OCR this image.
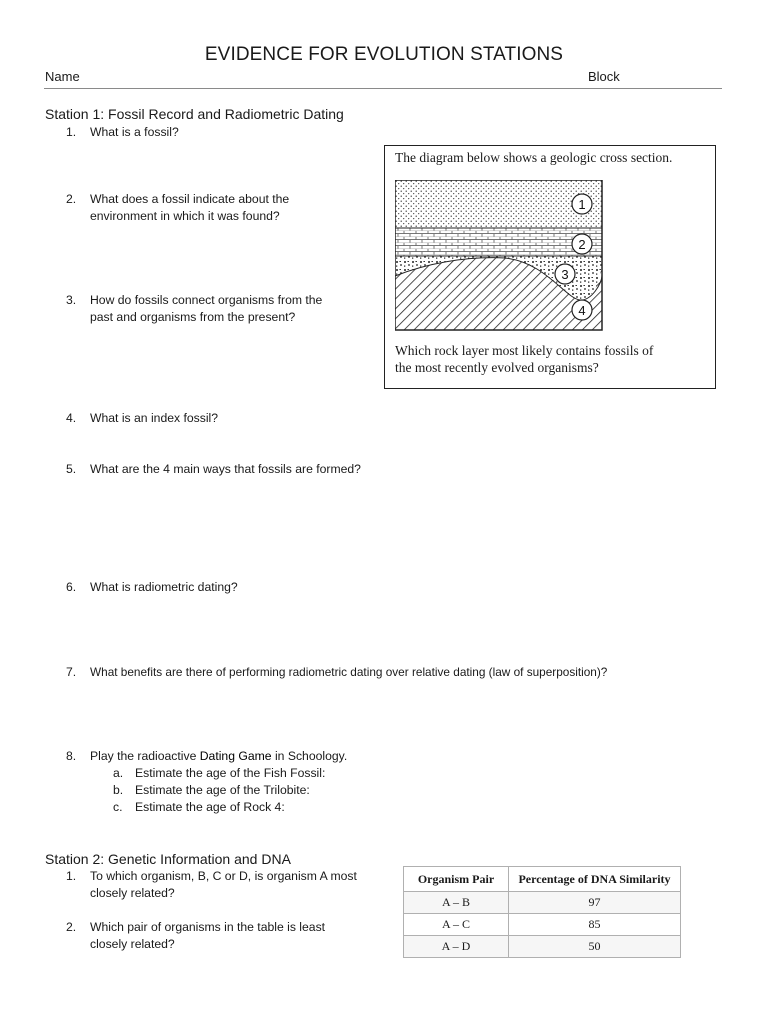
EVIDENCE FOR EVOLUTION STATIONS
Name	Block
Station 1: Fossil Record and Radiometric Dating
1.	What is a fossil?
2.	What does a fossil indicate about the
environment in which it was found?
3.	How do fossils connect organisms from the
past and organisms from the present?
4.	What is an index fossil?
5.	What are the 4 main ways that fossils are formed?
6.	What is radiometric dating?
7.	What benefits are there of performing radiometric dating over relative dating (law of superposition)?
8.	Play the radioactive Dating Game in Schoology.
a. Estimate the age of the Fish Fossil:
b. Estimate the age of the Trilobite:
c. Estimate the age of Rock 4:
The diagram below shows a geologic cross section.
1
2
3
4
Which rock layer most likely contains fossils of
the most recently evolved organisms?
Station 2: Genetic Information and DNA
1.	To which organism, B, C or D, is organism A most
closely related?
2.	Which pair of organisms in the table is least
closely related?
Organism Pair	Percentage of DNA Similarity
A – B	97
A – C	85
A – D	50
